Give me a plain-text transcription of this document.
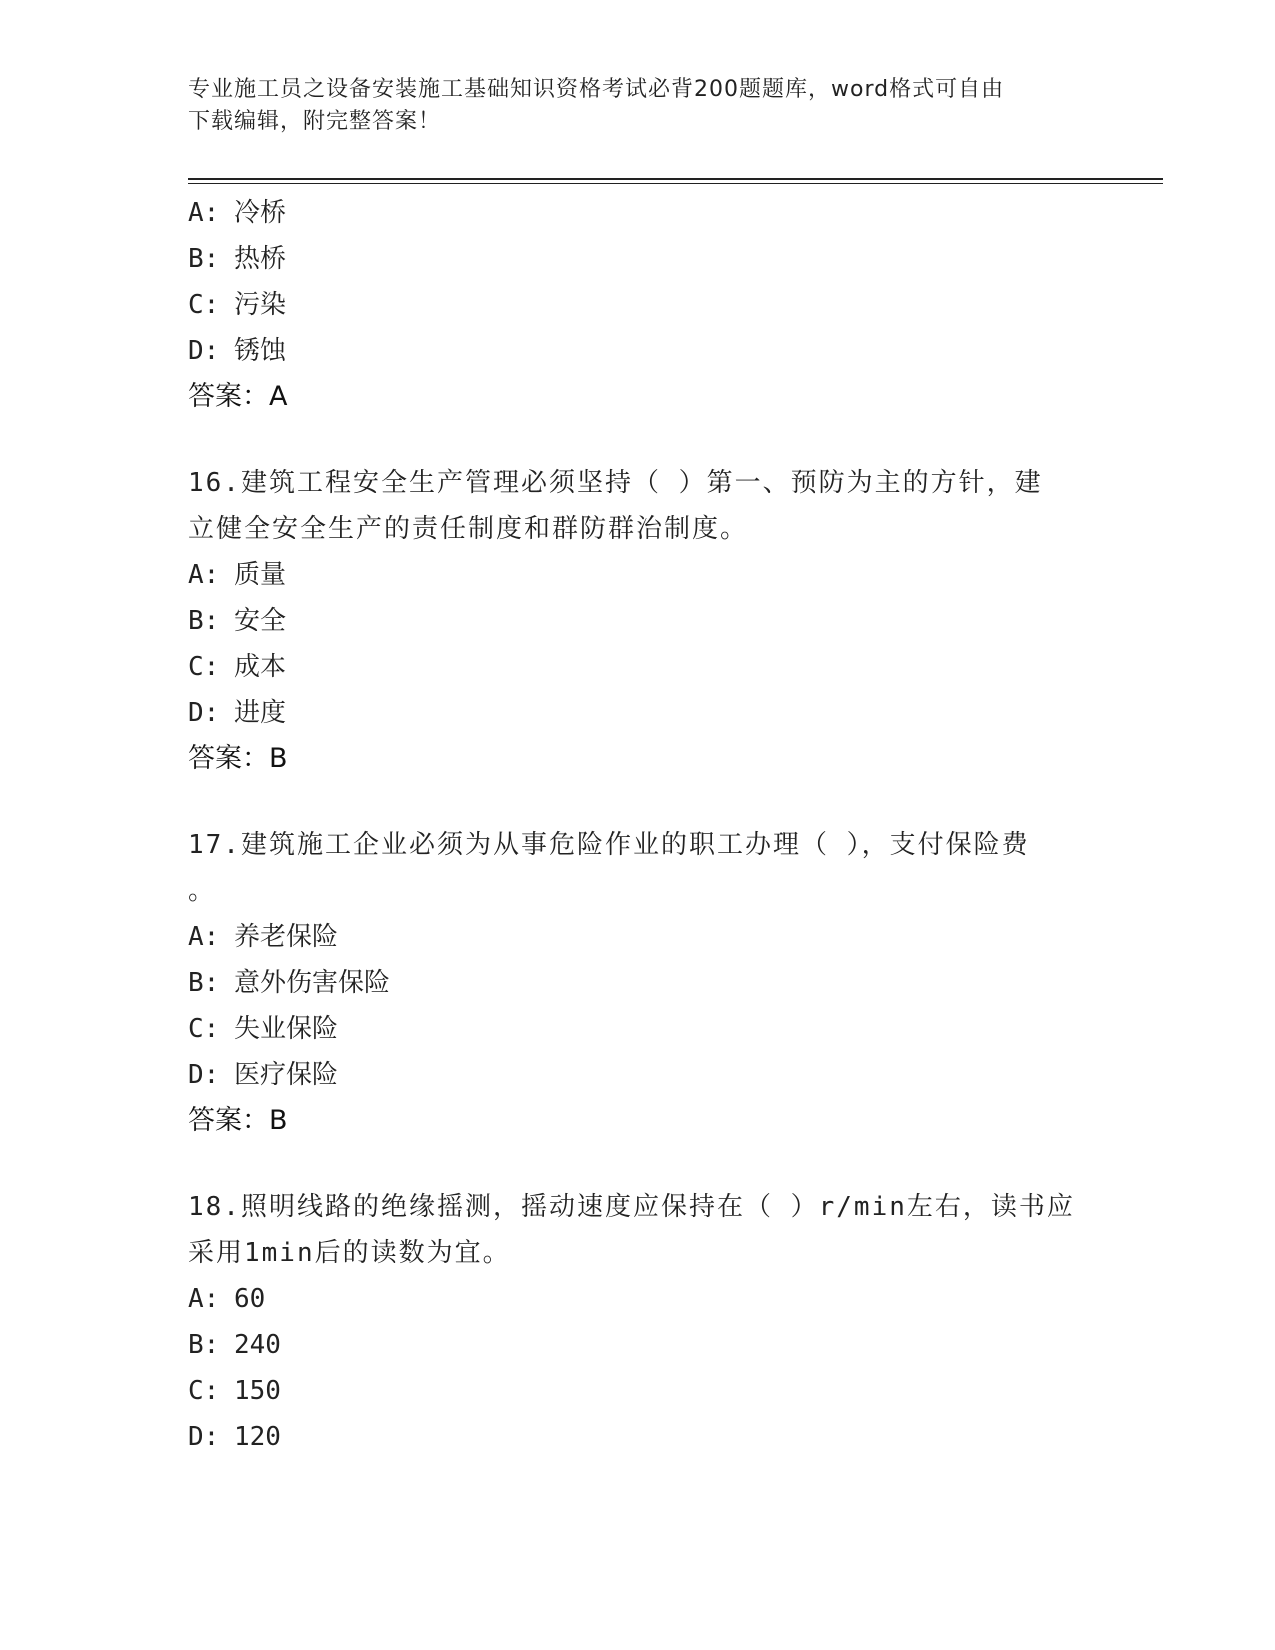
专业施工员之设备安装施工基础知识资格考试必背200题题库，word格式可自由
下载编辑，附完整答案！
A: 冷桥
B: 热桥
C: 污染
D: 锈蚀
答案：A
16.建筑工程安全生产管理必须坚持（ ）第一、预防为主的方针，建
立健全安全生产的责任制度和群防群治制度。
A: 质量
B: 安全
C: 成本
D: 进度
答案：B
17.建筑施工企业必须为从事危险作业的职工办理（ ），支付保险费
。
A: 养老保险
B: 意外伤害保险
C: 失业保险
D: 医疗保险
答案：B
18.照明线路的绝缘摇测，摇动速度应保持在（ ）r/min左右，读书应
采用1min后的读数为宜。
A: 60
B: 240
C: 150
D: 120
